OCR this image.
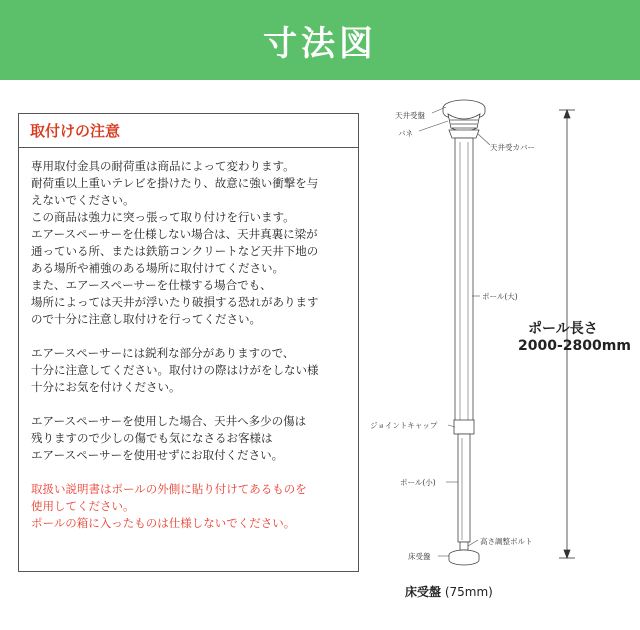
寸法図
取付けの注意
専用取付金具の耐荷重は商品によって変わります。
耐荷重以上重いテレビを掛けたり、故意に強い衝撃を与
えないでください。
この商品は強力に突っ張って取り付けを行います。
エアースペーサーを仕様しない場合は、天井真裏に梁が
通っている所、または鉄筋コンクリートなど天井下地の
ある場所や補強のある場所に取付けてください。
また、エアースペーサーを仕様する場合でも、
場所によっては天井が浮いたり破損する恐れがあります
ので十分に注意し取付けを行ってください。
エアースペーサーには鋭利な部分がありますので、
十分に注意してください。取付けの際はけがをしない様
十分にお気を付けください。
エアースペーサーを使用した場合、天井へ多少の傷は
残りますので少しの傷でも気になさるお客様は
エアースペーサーを使用せずにお取付ください。
取扱い説明書はポールの外側に貼り付けてあるものを
使用してください。
ポールの箱に入ったものは仕様しないでください。
天井受盤
バネ
天井受カバー
ポール(大)
ジョイントキャップ
ポール(小)
高さ調整ボルト
床受盤
ポール長さ
2000-2800mm
床受盤 (75mm)
